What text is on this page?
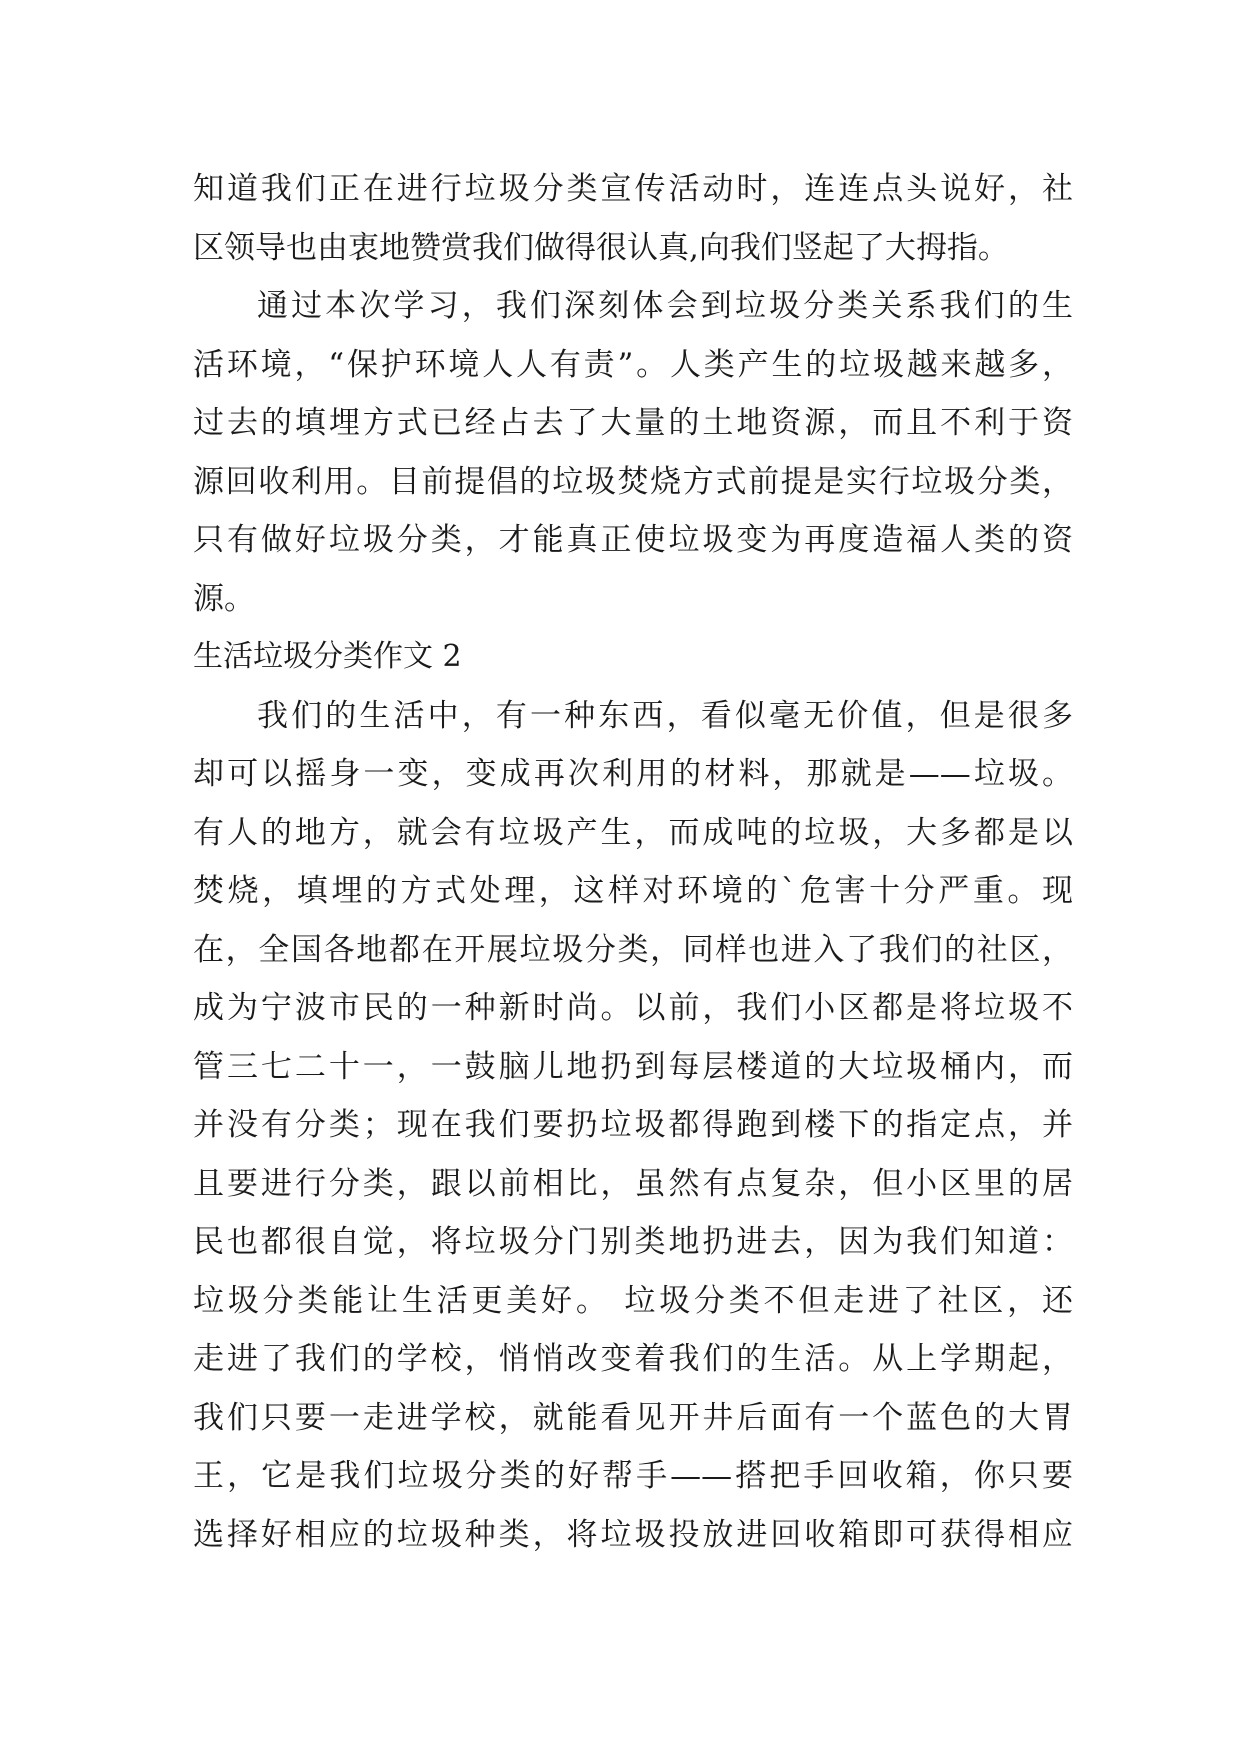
知道我们正在进行垃圾分类宣传活动时，连连点头说好，社
区领导也由衷地赞赏我们做得很认真,向我们竖起了大拇指。
通过本次学习，我们深刻体会到垃圾分类关系我们的生
活环境，“保护环境人人有责”。人类产生的垃圾越来越多，
过去的填埋方式已经占去了大量的土地资源，而且不利于资
源回收利用。目前提倡的垃圾焚烧方式前提是实行垃圾分类，
只有做好垃圾分类，才能真正使垃圾变为再度造福人类的资
源。
生活垃圾分类作文 2
我们的生活中，有一种东西，看似毫无价值，但是很多
却可以摇身一变，变成再次利用的材料，那就是——垃圾。
有人的地方，就会有垃圾产生，而成吨的垃圾，大多都是以
焚烧，填埋的方式处理，这样对环境的`危害十分严重。现
在，全国各地都在开展垃圾分类，同样也进入了我们的社区，
成为宁波市民的一种新时尚。以前，我们小区都是将垃圾不
管三七二十一，一鼓脑儿地扔到每层楼道的大垃圾桶内，而
并没有分类；现在我们要扔垃圾都得跑到楼下的指定点，并
且要进行分类，跟以前相比，虽然有点复杂，但小区里的居
民也都很自觉，将垃圾分门别类地扔进去，因为我们知道：
垃圾分类能让生活更美好。 垃圾分类不但走进了社区，还
走进了我们的学校，悄悄改变着我们的生活。从上学期起，
我们只要一走进学校，就能看见开井后面有一个蓝色的大胃
王，它是我们垃圾分类的好帮手——搭把手回收箱，你只要
选择好相应的垃圾种类，将垃圾投放进回收箱即可获得相应
